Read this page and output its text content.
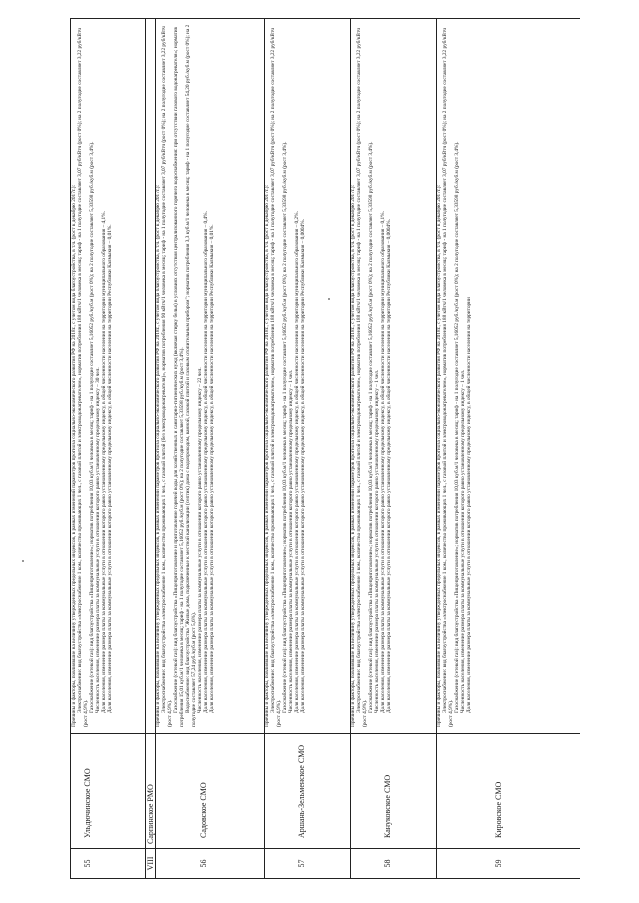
55
Ульдючинское СМО

Причины и факторы, повлиявшие на величину утвержденных предельных индексов, в рамках изменений параметров прогноза социально-экономического развития РФ на 2018г., с учетом вида благоустройства, в т.ч. (рост к декабрю 2017г.): Электроснабжение: вид благоустройства «электроснабжение 1 ком., количество проживающих 1 чел., с газовой плитой и электроводонагревателем», норматив потребления 188 кВтч/1 человека в месяц; тариф - на 1 полугодие составляет 3,07 руб/кВтч (рост 0%); на 2 полугодие составляет 3,22 руб/кВтч (рост 4,9%).

Газоснабжение (сетевой газ): вид благоустройства «Пищеприготовление»; норматив потребления 10,03 куб.м/1 человека в месяц; тариф - на 1 полугодие составляет 5,16052 руб./куб.м (рост 0%); на 2 полугодие составляет 5,33598 руб./куб.м (рост 3,4%). Численность населения, изменение размера платы за коммунальные услуги в отношении которого равно установленному предельному индексу – 30 чел. Доля населения, изменение размера платы за коммунальные услуги в отношении которого равно установленному предельному индексу, в общей численности населения на территории муниципального образования – 4,1%. Доля населения, изменение размера платы за коммунальные услуги в отношении которого равно установленному предельному индексу, в общей численности населения на территории Республики Калмыкия – 0,01%.

VIII
Сарпинское РМО
56
Садовское СМО

Причины и факторы, повлиявшие на величину утвержденных предельных индексов, в рамках изменений параметров прогноза социально-экономического развития РФ на 2018г., с учетом вида благоустройства, в т.ч. (рост к декабрю 2017г.): Электроснабжение: вид благоустройства «электроснабжение 1 ком., количество проживающих 1 чел., с газовой плитой (без электроводонагревателя)», норматив потребления 90 кВтч/1 человека в месяц; тариф - на 1 полугодие составляет 3,07 руб/кВтч (рост 0%); на 2 полугодие составляет 3,22 руб/кВтч (рост 4,9%).

Газоснабжение (сетевой газ): вид благоустройства «Пищеприготовление и приготовление горячей воды для хозяйственных и санитарно-гигиенических нужд (включая стирку белья) в условиях отсутствия централизованного горячего водоснабжения: при отсутствии газового водонагревателя»; норматив потребления 15,01 куб.м/1 человека в месяц; тариф - на 1 полугодие составляет 5,16052 руб./куб.м (рост 0%); на 2 полугодие составляет 5,33598 руб./куб.м (рост 3,4%). Водоснабжение: вид благоустройства "Жилые дома, подключенные к местной канализации (септик) дома с водопроводом, ванной, газовой плитой и газовым отопительным прибором"; норматив потребления 3,3 куб.м/1 человека в месяц; тариф - на 1 полугодие составляет 54,20 руб./куб.м (рост 0%); на 2 полугодие составляет 57,24 руб./куб.м (рост 5,6%). Численность населения, изменение размера платы за коммунальные услуги в отношении которого равно установленному предельному индексу – 22 чел. Доля населения, изменение размера платы за коммунальные услуги в отношении которого равно установленному предельному индексу, в общей численности населения на территории муниципального образования – 0,4%. Доля населения, изменение размера платы за коммунальные услуги в отношении которого равно установленному предельному индексу, в общей численности населения на территории Республики Калмыкия – 0,01%.

57
Аршань-Зельменское СМО

Причины и факторы, повлиявшие на величину утвержденных предельных индексов, в рамках изменений параметров прогноза социально-экономического развития РФ на 2018г., с учетом вида благоустройства, в т.ч. (рост к декабрю 2017г.): Электроснабжение: вид благоустройства «электроснабжение 1 ком., количество проживающих 1 чел., с газовой плитой и электроводонагревателем», норматив потребления 188 кВтч/1 человека в месяц; тариф - на 1 полугодие составляет 3,07 руб/кВтч (рост 0%); на 2 полугодие составляет 3,22 руб/кВтч (рост 4,9%).

Газоснабжение (сетевой газ): вид благоустройства «Пищеприготовление»; норматив потребления 10,03 куб.м/1 человека в месяц; тариф - на 1 полугодие составляет 5,16052 руб./куб.м (рост 0%); на 2 полугодие составляет 5,33598 руб./куб.м (рост 3,4%). Численность населения, изменение размера платы за коммунальные услуги в отношении которого равно установленному предельному индексу – 1 чел. Доля населения, изменение размера платы за коммунальные услуги в отношении которого равно установленному предельному индексу, в общей численности населения на территории муниципального образования – 0,2%. Доля населения, изменение размера платы за коммунальные услуги в отношении которого равно установленному предельному индексу, в общей численности населения на территории Республики Калмыкия – 0,0004%.

58
Кануковское СМО

Причины и факторы, повлиявшие на величину утвержденных предельных индексов, в рамках изменений параметров прогноза социально-экономического развития РФ на 2018г., с учетом вида благоустройства, в т.ч. (рост к декабрю 2017г.): Электроснабжение: вид благоустройства «электроснабжение 1 ком., количество проживающих 1 чел., с газовой плитой и электроводонагревателем», норматив потребления 188 кВтч/1 человека в месяц; тариф - на 1 полугодие составляет 3,07 руб/кВтч (рост 0%); на 2 полугодие составляет 3,22 руб/кВтч (рост 4,9%).

Газоснабжение (сетевой газ): вид благоустройства «Пищеприготовление»; норматив потребления 10,03 куб.м/1 человека в месяц; тариф - на 1 полугодие составляет 5,16052 руб./куб.м (рост 0%); на 2 полугодие составляет 5,33598 руб./куб.м (рост 3,4%). Численность населения, изменение размера платы за коммунальные услуги в отношении которого равно установленному предельному индексу – 1 чел. Доля населения, изменение размера платы за коммунальные услуги в отношении которого равно установленному предельному индексу, в общей численности населения на территории муниципального образования – 0,1%. Доля населения, изменение размера платы за коммунальные услуги в отношении которого равно установленному предельному индексу, в общей численности населения на территории Республики Калмыкия – 0,0004%.

59
Кировское СМО

Причины и факторы, повлиявшие на величину утвержденных предельных индексов, в рамках изменений параметров прогноза социально-экономического развития РФ на 2018г., с учетом вида благоустройства, в т.ч. (рост к декабрю 2017г.): Электроснабжение: вид благоустройства «электроснабжение 1 ком., количество проживающих 1 чел., с газовой плитой и электроводонагревателем», норматив потребления 188 кВтч/1 человека в месяц; тариф - на 1 полугодие составляет 3,07 руб/кВтч (рост 0%); на 2 полугодие составляет 3,22 руб/кВтч (рост 4,9%).

Газоснабжение (сетевой газ): вид благоустройства «Пищеприготовление»; норматив потребления 10,03 куб.м/1 человека в месяц; тариф - на 1 полугодие составляет 5,16052 руб./куб.м (рост 0%); на 2 полугодие составляет 5,33598 руб./куб.м (рост 3,4%). Численность населения, изменение размера платы за коммунальные услуги в отношении которого равно установленному предельному индексу – 1 чел. Доля населения, изменение размера платы за коммунальные услуги в отношении которого равно установленному предельному индексу, в общей численности населения на территории
